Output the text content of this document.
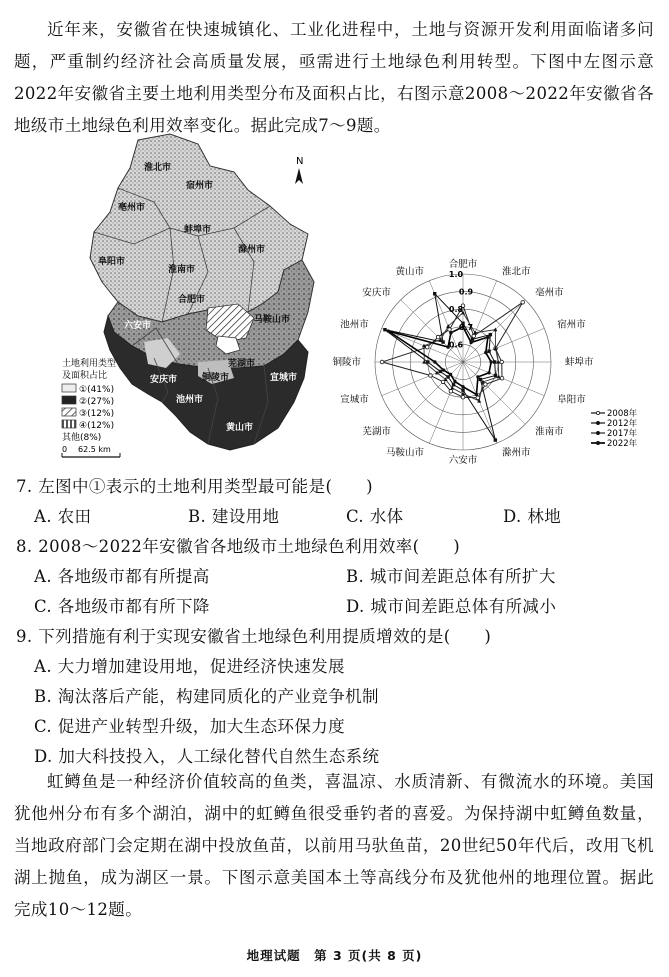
近年来，安徽省在快速城镇化、工业化进程中，土地与资源开发利用面临诸多问题，严重制约经济社会高质量发展，亟需进行土地绿色利用转型。下图中左图示意2022年安徽省主要土地利用类型分布及面积占比，右图示意2008～2022年安徽省各地级市土地绿色利用效率变化。据此完成7～9题。
淮北市
亳州市
宿州市
阜阳市
蚌埠市
淮南市
滁州市
六安市
合肥市
马鞍山市
安庆市
芜湖市
池州市
铜陵市	宣城市
黄山市
N
土地利用类型
及面积占比
①(41%)
②(27%)
③(12%)
④(12%)
其他(8%)
0 62.5 km
合肥市
淮北市
亳州市
宿州市
蚌埠市
阜阳市
淮南市
滁州市
六安市
马鞍山市
芜湖市
宣城市
铜陵市
池州市
安庆市
黄山市
0.6
0.7
0.8
0.9
1.0
2008年
2012年
2017年
2022年
7. 左图中①表示的土地利用类型最可能是(　　)
A. 农田	B. 建设用地	C. 水体	D. 林地
8. 2008～2022年安徽省各地级市土地绿色利用效率(　　)
A. 各地级市都有所提高	B. 城市间差距总体有所扩大
C. 各地级市都有所下降	D. 城市间差距总体有所减小
9. 下列措施有利于实现安徽省土地绿色利用提质增效的是(　　)
A. 大力增加建设用地，促进经济快速发展
B. 淘汰落后产能，构建同质化的产业竞争机制
C. 促进产业转型升级，加大生态环保力度
D. 加大科技投入，人工绿化替代自然生态系统
虹鳟鱼是一种经济价值较高的鱼类，喜温凉、水质清新、有微流水的环境。美国犹他州分布有多个湖泊，湖中的虹鳟鱼很受垂钓者的喜爱。为保持湖中虹鳟鱼数量，当地政府部门会定期在湖中投放鱼苗，以前用马驮鱼苗，20世纪50年代后，改用飞机湖上抛鱼，成为湖区一景。下图示意美国本土等高线分布及犹他州的地理位置。据此完成10～12题。
地理试题　第 3 页(共 8 页)
